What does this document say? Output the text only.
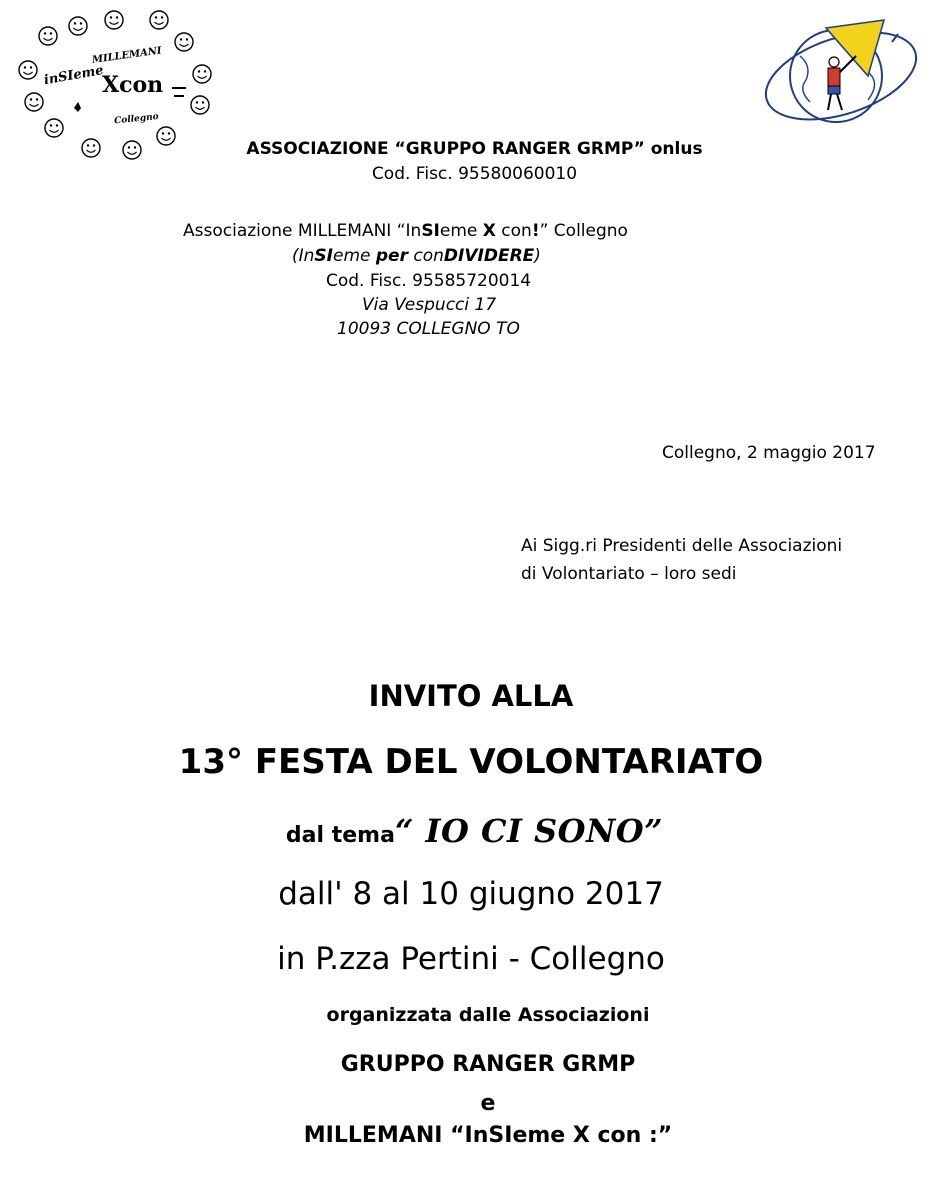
MILLEMANI
inSIeme
Xcon
Collegno
ASSOCIAZIONE “GRUPPO RANGER GRMP” onlus
Cod. Fisc. 95580060010
Associazione MILLEMANI “InSIeme X con!” Collegno
(InSIeme per conDIVIDERE)
Cod. Fisc. 95585720014
Via Vespucci 17
10093 COLLEGNO TO
Collegno, 2 maggio 2017
Ai Sigg.ri Presidenti delle Associazioni
di Volontariato – loro sedi
INVITO ALLA
13° FESTA DEL VOLONTARIATO
dal tema“ IO CI SONO”
dall' 8 al 10 giugno 2017
in P.zza Pertini - Collegno
organizzata dalle Associazioni
GRUPPO RANGER GRMP
e
MILLEMANI “InSIeme X con :”
